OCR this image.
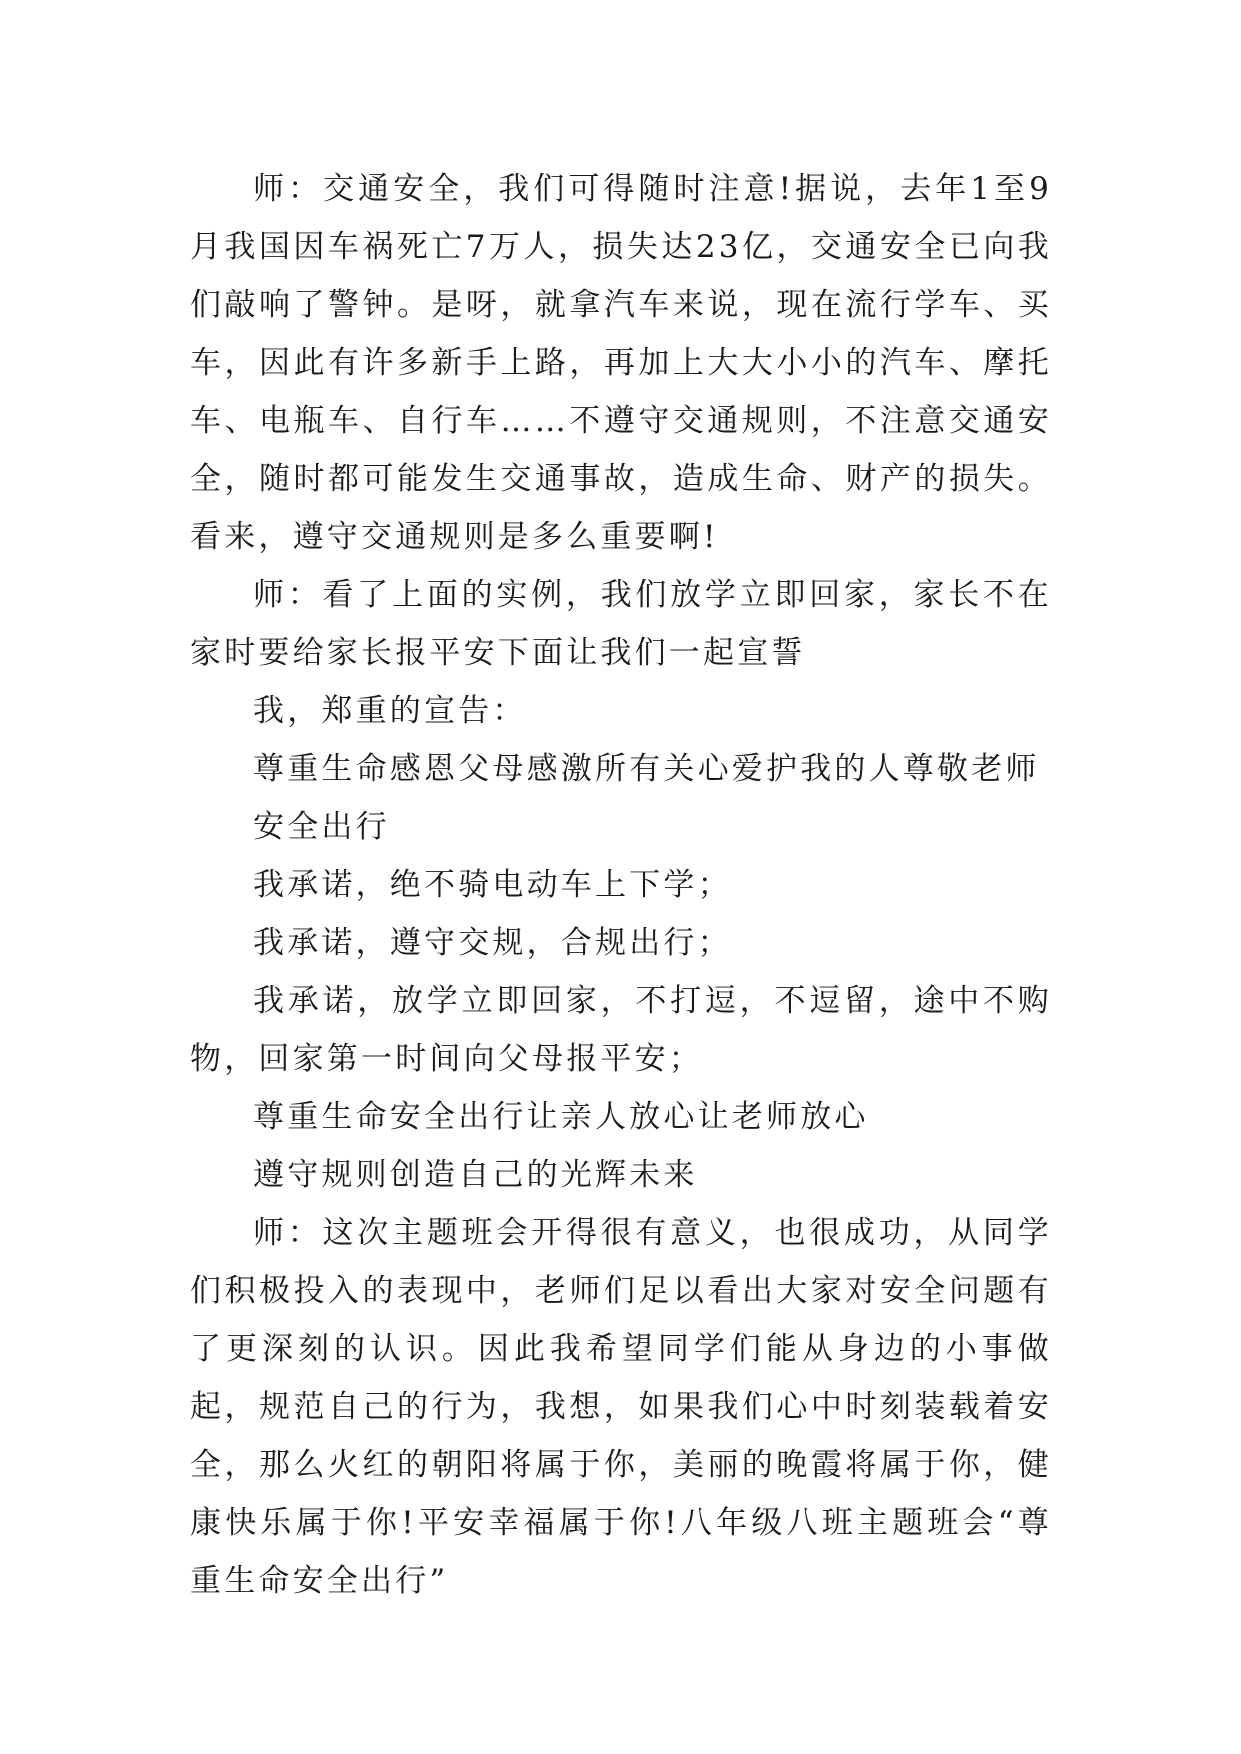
师：交通安全，我们可得随时注意!据说，去年1至9月我国因车祸死亡7万人，损失达23亿，交通安全已向我们敲响了警钟。是呀，就拿汽车来说，现在流行学车、买车，因此有许多新手上路，再加上大大小小的汽车、摩托车、电瓶车、自行车……不遵守交通规则，不注意交通安全，随时都可能发生交通事故，造成生命、财产的损失。看来，遵守交通规则是多么重要啊!

师：看了上面的实例，我们放学立即回家，家长不在家时要给家长报平安下面让我们一起宣誓

我，郑重的宣告：

尊重生命感恩父母感激所有关心爱护我的人尊敬老师

安全出行

我承诺，绝不骑电动车上下学；

我承诺，遵守交规，合规出行；

我承诺，放学立即回家，不打逗，不逗留，途中不购物，回家第一时间向父母报平安；

尊重生命安全出行让亲人放心让老师放心

遵守规则创造自己的光辉未来

师：这次主题班会开得很有意义，也很成功，从同学们积极投入的表现中，老师们足以看出大家对安全问题有了更深刻的认识。因此我希望同学们能从身边的小事做起，规范自己的行为，我想，如果我们心中时刻装载着安全，那么火红的朝阳将属于你，美丽的晚霞将属于你，健康快乐属于你!平安幸福属于你!八年级八班主题班会“尊重生命安全出行”
